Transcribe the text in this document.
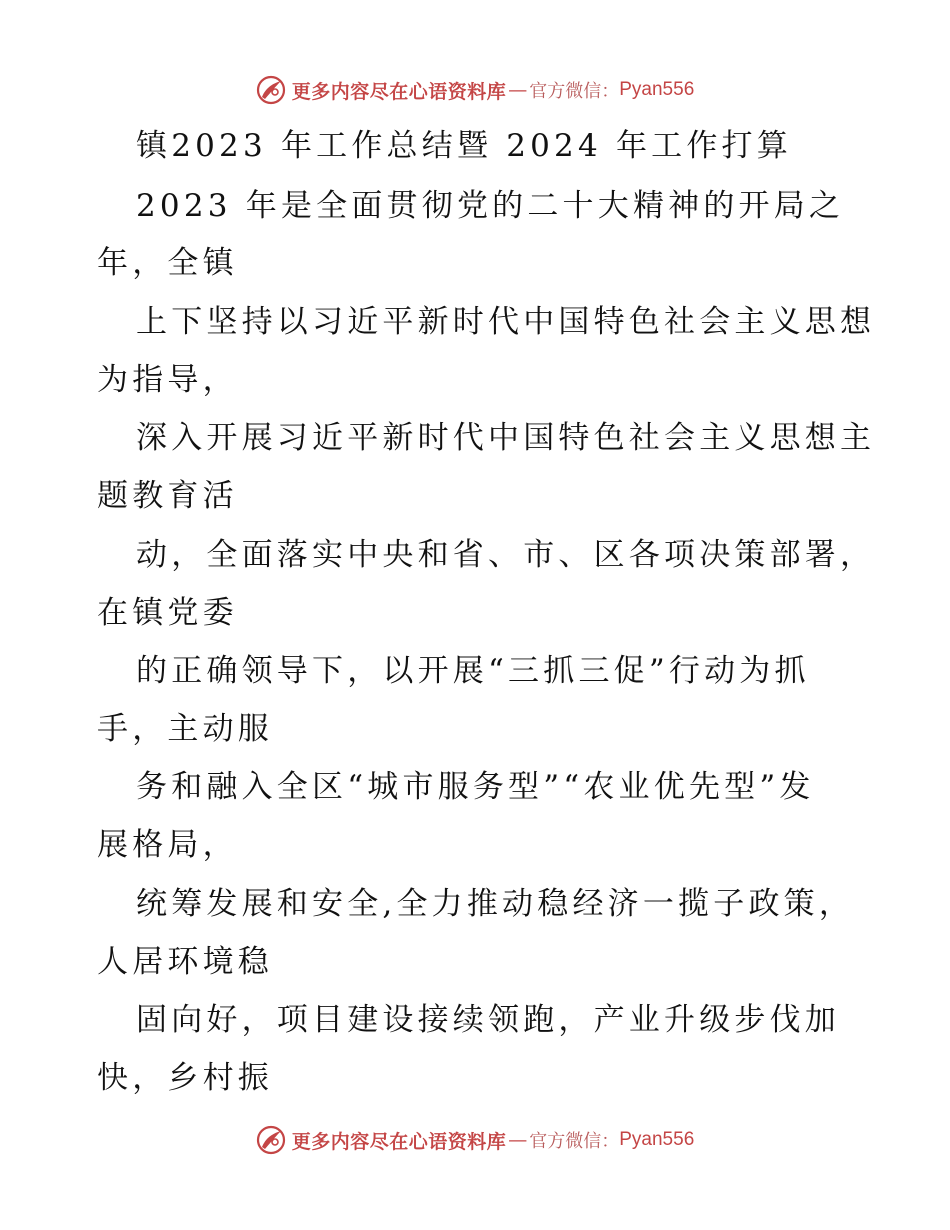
更多内容尽在心语资料库 — 官方微信： Pyan556
镇2023 年工作总结暨 2024 年工作打算
2023 年是全面贯彻党的二十大精神的开局之
年，全镇
上下坚持以习近平新时代中国特色社会主义思想
为指导，
深入开展习近平新时代中国特色社会主义思想主
题教育活
动，全面落实中央和省、市、区各项决策部署，
在镇党委
的正确领导下，以开展“三抓三促”行动为抓
手，主动服
务和融入全区“城市服务型”“农业优先型”发
展格局，
统筹发展和安全,全力推动稳经济一揽子政策，
人居环境稳
固向好，项目建设接续领跑，产业升级步伐加
快，乡村振
更多内容尽在心语资料库 — 官方微信： Pyan556
